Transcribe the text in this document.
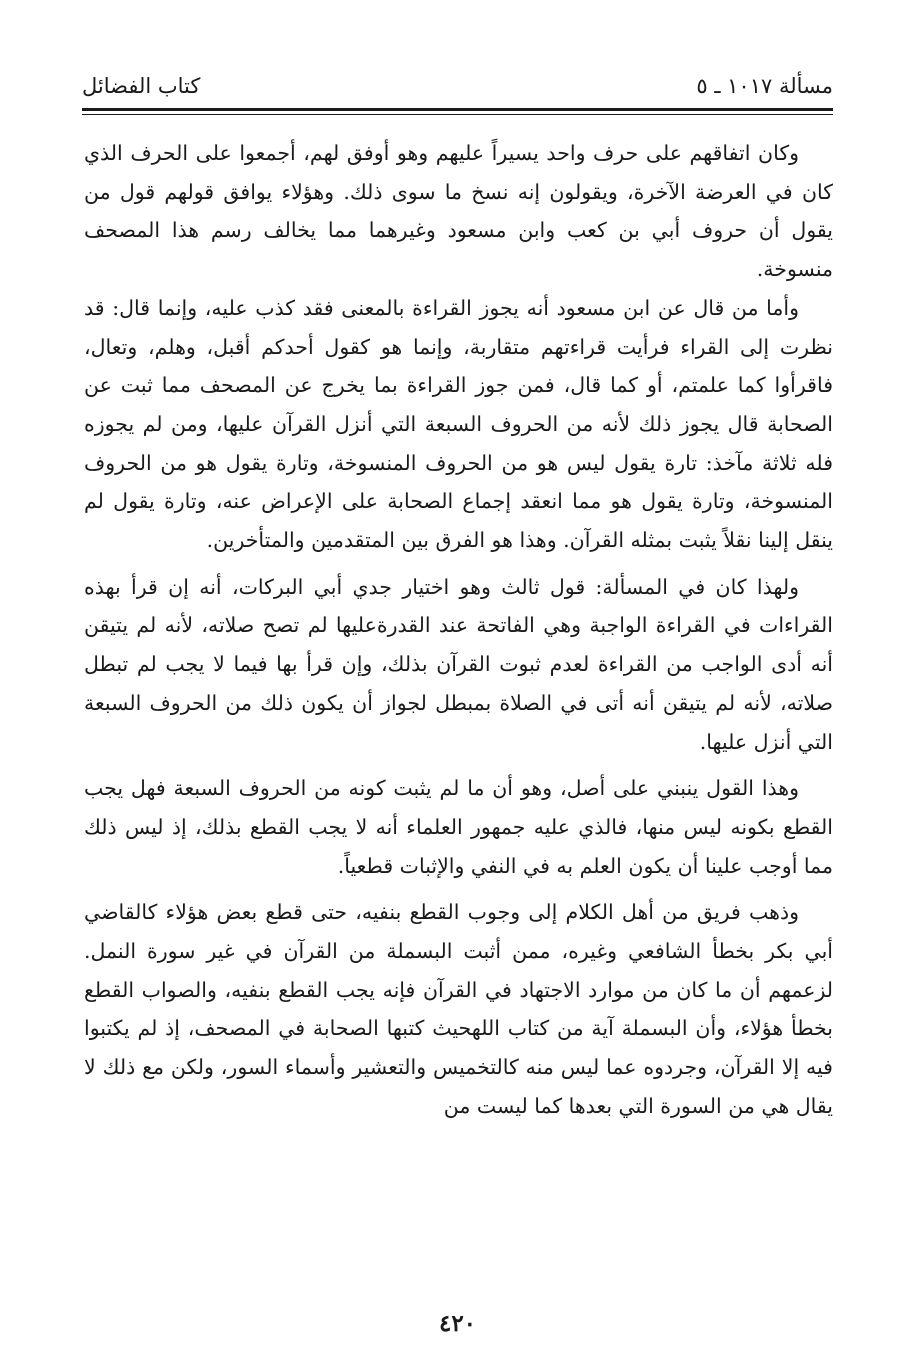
مسألة ١٠١٧ ـ ٥
كتاب الفضائل

وكان اتفاقهم على حرف واحد يسيراً عليهم وهو أوفق لهم، أجمعوا على الحرف الذي كان في العرضة الآخرة، ويقولون إنه نسخ ما سوى ذلك. وهؤلاء يوافق قولهم قول من يقول أن حروف أبي بن كعب وابن مسعود وغيرهما مما يخالف رسم هذا المصحف منسوخة.

وأما من قال عن ابن مسعود أنه يجوز القراءة بالمعنى فقد كذب عليه، وإنما قال: قد نظرت إلى القراء فرأيت قراءتهم متقاربة، وإنما هو كقول أحدكم أقبل، وهلم، وتعال، فاقرأوا كما علمتم، أو كما قال، فمن جوز القراءة بما يخرج عن المصحف مما ثبت عن الصحابة قال يجوز ذلك لأنه من الحروف السبعة التي أنزل القرآن عليها، ومن لم يجوزه فله ثلاثة مآخذ: تارة يقول ليس هو من الحروف المنسوخة، وتارة يقول هو من الحروف المنسوخة، وتارة يقول هو مما انعقد إجماع الصحابة على الإعراض عنه، وتارة يقول لم ينقل إلينا نقلاً يثبت بمثله القرآن. وهذا هو الفرق بين المتقدمين والمتأخرين.

ولهذا كان في المسألة: قول ثالث وهو اختيار جدي أبي البركات، أنه إن قرأ بهذه القراءات في القراءة الواجبة وهي الفاتحة عند القدرةعليها لم تصح صلاته، لأنه لم يتيقن أنه أدى الواجب من القراءة لعدم ثبوت القرآن بذلك، وإن قرأ بها فيما لا يجب لم تبطل صلاته، لأنه لم يتيقن أنه أتى في الصلاة بمبطل لجواز أن يكون ذلك من الحروف السبعة التي أنزل عليها.

وهذا القول ينبني على أصل، وهو أن ما لم يثبت كونه من الحروف السبعة فهل يجب القطع بكونه ليس منها، فالذي عليه جمهور العلماء أنه لا يجب القطع بذلك، إذ ليس ذلك مما أوجب علينا أن يكون العلم به في النفي والإثبات قطعياً.

وذهب فريق من أهل الكلام إلى وجوب القطع بنفيه، حتى قطع بعض هؤلاء كالقاضي أبي بكر بخطأ الشافعي وغيره، ممن أثبت البسملة من القرآن في غير سورة النمل. لزعمهم أن ما كان من موارد الاجتهاد في القرآن فإنه يجب القطع بنفيه، والصواب القطع بخطأ هؤلاء، وأن البسملة آية من كتاب اللهحيث كتبها الصحابة في المصحف، إذ لم يكتبوا فيه إلا القرآن، وجردوه عما ليس منه كالتخميس والتعشير وأسماء السور، ولكن مع ذلك لا يقال هي من السورة التي بعدها كما ليست من

٤٢٠
